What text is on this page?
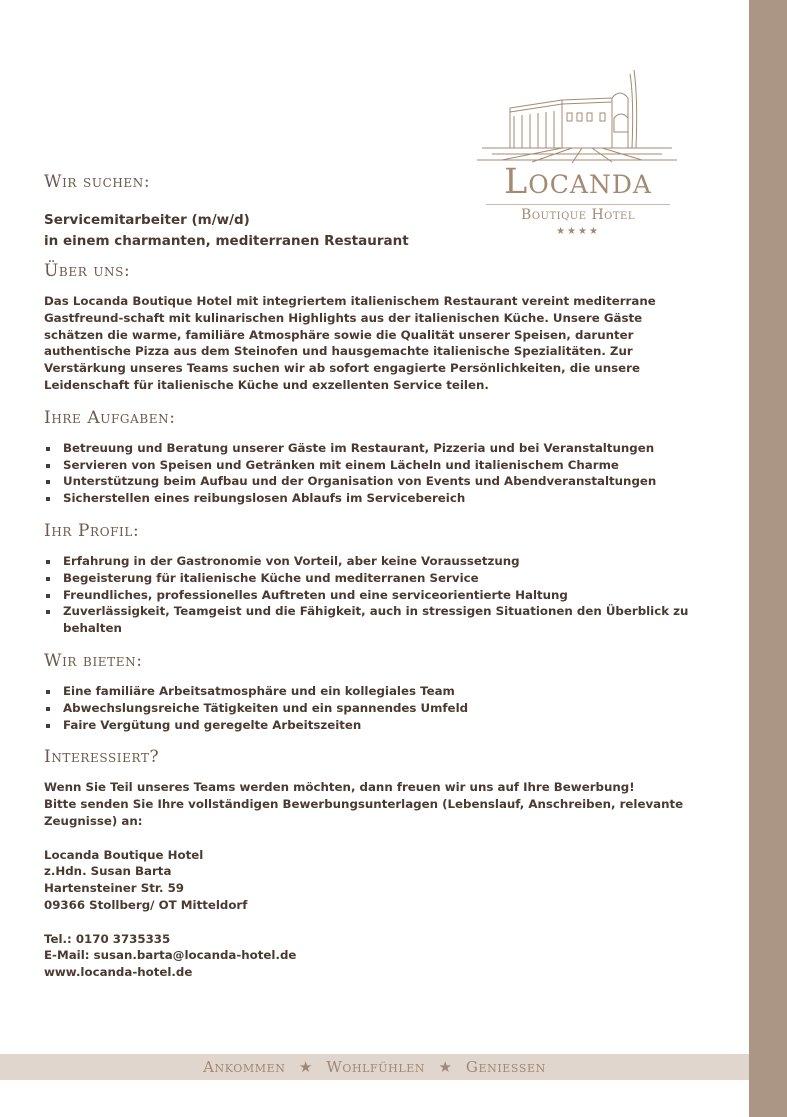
Locanda
Boutique Hotel
★★★★
Wir suchen:
Servicemitarbeiter (m/w/d)
in einem charmanten, mediterranen Restaurant
Über uns:

Das Locanda Boutique Hotel mit integriertem italienischem Restaurant vereint mediterrane Gastfreund-schaft mit kulinarischen Highlights aus der italienischen Küche. Unsere Gäste schätzen die warme, familiäre Atmosphäre sowie die Qualität unserer Speisen, darunter authentische Pizza aus dem Steinofen und hausgemachte italienische Spezialitäten. Zur Verstärkung unseres Teams suchen wir ab sofort engagierte Persönlichkeiten, die unsere Leidenschaft für italienische Küche und exzellenten Service teilen.

Ihre Aufgaben:
Betreuung und Beratung unserer Gäste im Restaurant, Pizzeria und bei Veranstaltungen
Servieren von Speisen und Getränken mit einem Lächeln und italienischem Charme
Unterstützung beim Aufbau und der Organisation von Events und Abendveranstaltungen
Sicherstellen eines reibungslosen Ablaufs im Servicebereich
Ihr Profil:
Erfahrung in der Gastronomie von Vorteil, aber keine Voraussetzung
Begeisterung für italienische Küche und mediterranen Service
Freundliches, professionelles Auftreten und eine serviceorientierte Haltung
Zuverlässigkeit, Teamgeist und die Fähigkeit, auch in stressigen Situationen den Überblick zu behalten
Wir bieten:
Eine familiäre Arbeitsatmosphäre und ein kollegiales Team
Abwechslungsreiche Tätigkeiten und ein spannendes Umfeld
Faire Vergütung und geregelte Arbeitszeiten
Interessiert?

Wenn Sie Teil unseres Teams werden möchten, dann freuen wir uns auf Ihre Bewerbung!

Bitte senden Sie Ihre vollständigen Bewerbungsunterlagen (Lebenslauf, Anschreiben, relevante Zeugnisse) an:

Locanda Boutique Hotel

z.Hdn. Susan Barta

Hartensteiner Str. 59

09366 Stollberg/ OT Mitteldorf

Tel.: 0170 3735335

E-Mail: susan.barta@locanda-hotel.de

www.locanda-hotel.de

Ankommen ★ Wohlfühlen ★ Geniessen
